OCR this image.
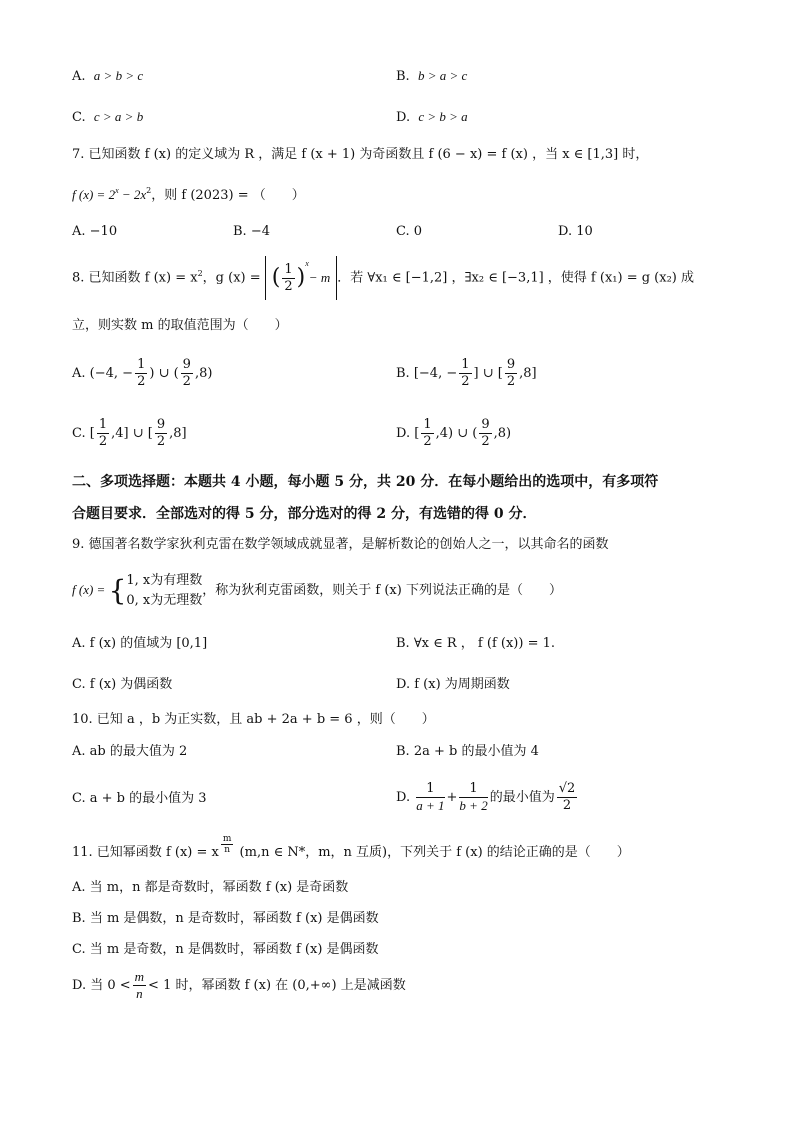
A. a > b > c	B. b > a > c
C. c > a > b	D. c > b > a
7. 已知函数 f (x) 的定义域为 R ，满足 f (x + 1) 为奇函数且 f (6 − x) = f (x) ，当 x ∈ [1,3] 时，
f $(x) = 2^x - 2x^2$，则 f (2023) = （　　）
A. −10	B. −4	C. 0	D. 10
8. 已知函数 f $(x) = x^2$，g (x) = ( $\frac{1}{2}$ )
x
− m ．若 ∀x₁ ∈ [−1,2] ，∃x₂ ∈ [−3,1] ，使得 f (x₁) = g (x₂) 成
立，则实数 m 的取值范围为（　　）
A. (−4, − $\frac{1}{2}$ ) ∪ ( $\frac{9}{2} ,8$)	B. [−4, − $\frac{1}{2}$ ] ∪ [ $\frac{9}{2} ,8$]
C. [ $\frac{1}{2} ,4$] ∪ [ $\frac{9}{2} ,8$]	D. [ $\frac{1}{2} ,4$) ∪ ( $\frac{9}{2} ,8$)
二、多项选择题：本题共 4 小题，每小题 5 分，共 20 分．在每小题给出的选项中，有多项符
合题目要求．全部选对的得 5 分，部分选对的得 2 分，有选错的得 0 分．
9. 德国著名数学家狄利克雷在数学领域成就显著，是解析数论的创始人之一，以其命名的函数
f (x) = { 1, x为有理数
0, x为无理数
，称为狄利克雷函数，则关于 f (x) 下列说法正确的是（　　）
A. f (x) 的值域为 [0,1]	B. ∀x ∈ R ， f (f (x)) = 1.
C. f (x) 为偶函数	D. f (x) 为周期函数
10. 已知 a ，b 为正实数，且 ab + 2a + b = 6 ，则（　　）
A. ab 的最大值为 2	B. 2a + b 的最小值为 4
C. a + b 的最小值为 3	D. $\frac{1}{a + 1} + \frac{1}{b + 2}$ 的最小值为 $\frac{√2}{2}$
11. 已知幂函数 f (x) = x $\frac{m}{n} (m,n$ ∈ N*，m，n 互质)，下列关于 f (x) 的结论正确的是（　　）
A. 当 m，n 都是奇数时，幂函数 f (x) 是奇函数
B. 当 m 是偶数，n 是奇数时，幂函数 f (x) 是偶函数
C. 当 m 是奇数，n 是偶数时，幂函数 f (x) 是偶函数
D. 当 $0 < \frac{m}{n} < 1$ 时，幂函数 f (x) 在 (0,+∞) 上是减函数
